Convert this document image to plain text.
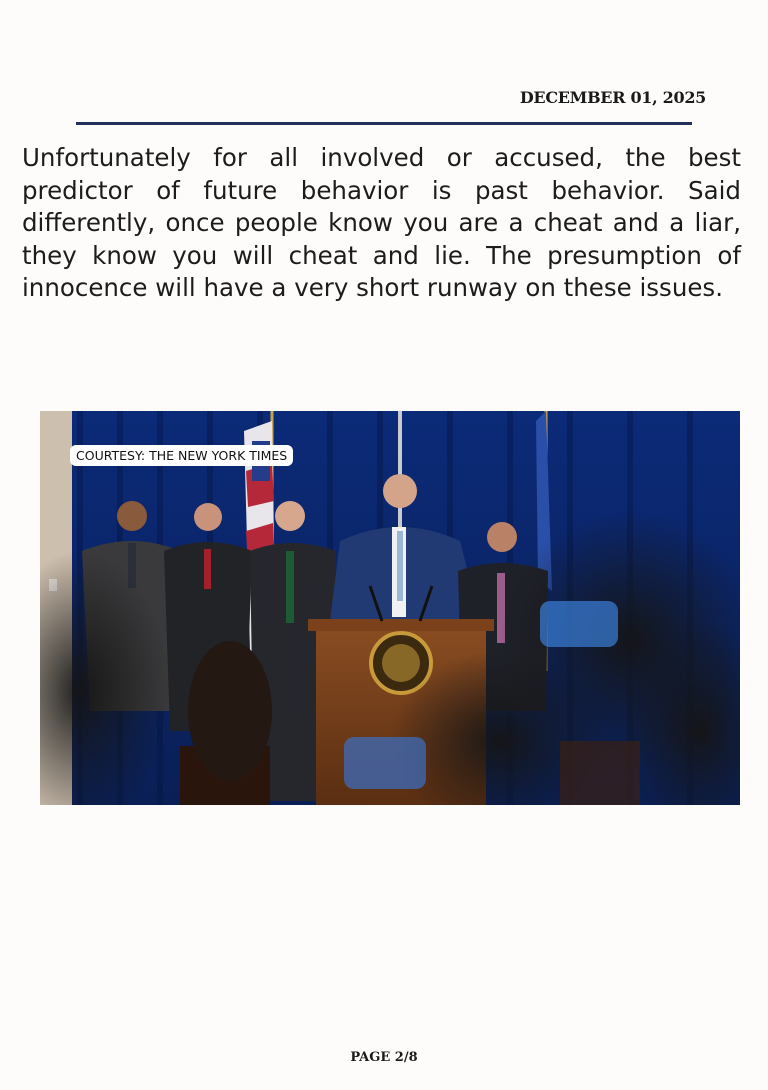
DECEMBER 01, 2025

Unfortunately for all involved or accused, the best predictor of future behavior is past behavior. Said differently, once people know you are a cheat and a liar, they know you will cheat and lie. The presumption of innocence will have a very short runway on these issues.

COURTESY: THE NEW YORK TIMES
PAGE 2/8
